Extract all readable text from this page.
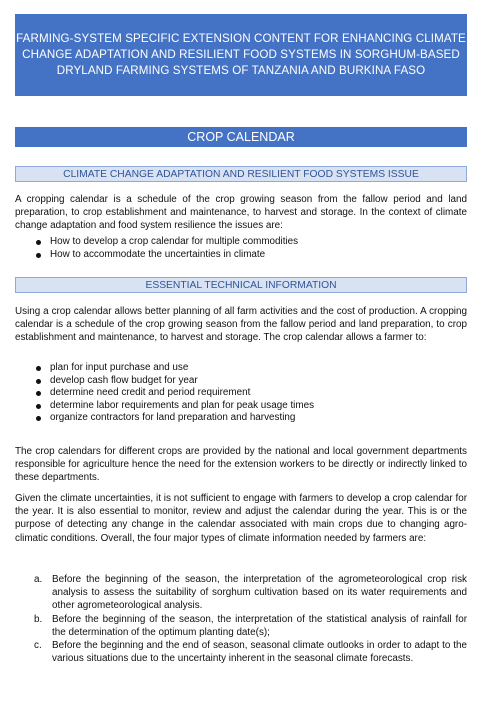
FARMING-SYSTEM SPECIFIC EXTENSION CONTENT FOR ENHANCING CLIMATE
CHANGE ADAPTATION AND RESILIENT FOOD SYSTEMS IN SORGHUM-BASED
DRYLAND FARMING SYSTEMS OF TANZANIA AND BURKINA FASO
CROP CALENDAR
CLIMATE CHANGE ADAPTATION AND RESILIENT FOOD SYSTEMS ISSUE

A cropping calendar is a schedule of the crop growing season from the fallow period and land preparation, to crop establishment and maintenance, to harvest and storage. In the context of climate change adaptation and food system resilience the issues are:

How to develop a crop calendar for multiple commodities
How to accommodate the uncertainties in climate
ESSENTIAL TECHNICAL INFORMATION

Using a crop calendar allows better planning of all farm activities and the cost of production. A cropping calendar is a schedule of the crop growing season from the fallow period and land preparation, to crop establishment and maintenance, to harvest and storage. The crop calendar allows a farmer to:

plan for input purchase and use
develop cash flow budget for year
determine need credit and period requirement
determine labor requirements and plan for peak usage times
organize contractors for land preparation and harvesting

The crop calendars for different crops are provided by the national and local government departments responsible for agriculture hence the need for the extension workers to be directly or indirectly linked to these departments.

Given the climate uncertainties, it is not sufficient to engage with farmers to develop a crop calendar for the year. It is also essential to monitor, review and adjust the calendar during the year. This is or the purpose of detecting any change in the calendar associated with main crops due to changing agro-climatic conditions. Overall, the four major types of climate information needed by farmers are:

a. Before the beginning of the season, the interpretation of the agrometeorological crop risk analysis to assess the suitability of sorghum cultivation based on its water requirements and other agrometeorological analysis.
b. Before the beginning of the season, the interpretation of the statistical analysis of rainfall for the determination of the optimum planting date(s);
c. Before the beginning and the end of season, seasonal climate outlooks in order to adapt to the various situations due to the uncertainty inherent in the seasonal climate forecasts.
